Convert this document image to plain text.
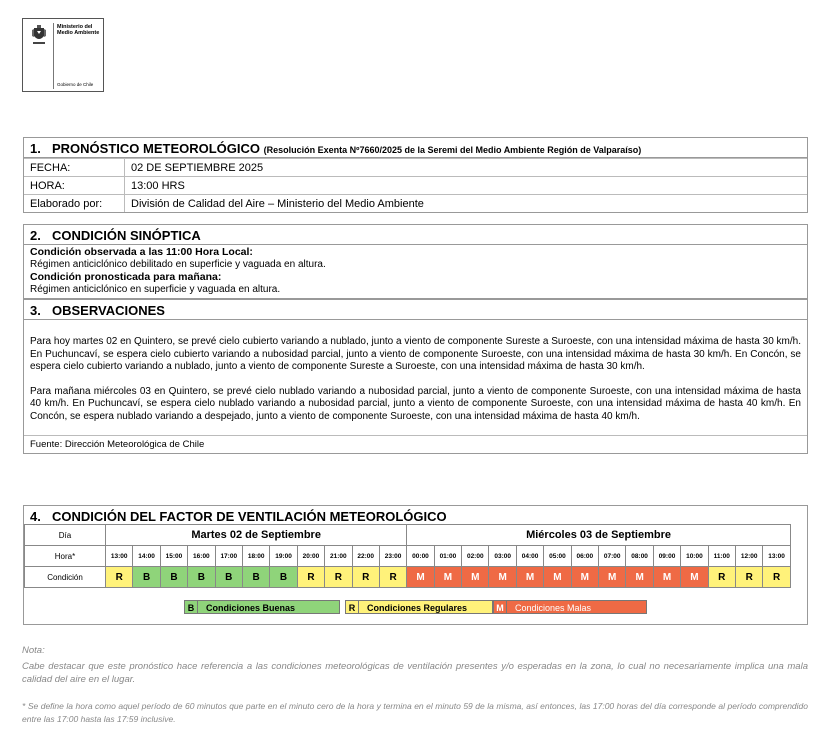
Ministerio del Medio Ambiente
Gobierno de Chile
1. PRONÓSTICO METEOROLÓGICO (Resolución Exenta Nº7660/2025 de la Seremi del Medio Ambiente Región de Valparaíso)
FECHA:	02 DE SEPTIEMBRE 2025
HORA:	13:00 HRS
Elaborado por:	División de Calidad del Aire – Ministerio del Medio Ambiente
2. CONDICIÓN SINÓPTICA
Condición observada a las 11:00 Hora Local:
Régimen anticiclónico debilitado en superficie y vaguada en altura.
Condición pronosticada para mañana:
Régimen anticiclónico en superficie y vaguada en altura.
3. OBSERVACIONES

Para hoy martes 02 en Quintero, se prevé cielo cubierto variando a nublado, junto a viento de componente Sureste a Suroeste, con una intensidad máxima de hasta 30 km/h. En Puchuncaví, se espera cielo cubierto variando a nubosidad parcial, junto a viento de componente Suroeste, con una intensidad máxima de hasta 30 km/h. En Concón, se espera cielo cubierto variando a nublado, junto a viento de componente Sureste a Suroeste, con una intensidad máxima de hasta 30 km/h.

Para mañana miércoles 03 en Quintero, se prevé cielo nublado variando a nubosidad parcial, junto a viento de componente Suroeste, con una intensidad máxima de hasta 40 km/h. En Puchuncaví, se espera cielo nublado variando a nubosidad parcial, junto a viento de componente Suroeste, con una intensidad máxima de hasta 40 km/h. En Concón, se espera nublado variando a despejado, junto a viento de componente Suroeste, con una intensidad máxima de hasta 40 km/h.

Fuente: Dirección Meteorológica de Chile
4. CONDICIÓN DEL FACTOR DE VENTILACIÓN METEOROLÓGICO
Día	Martes 02 de Septiembre											Miércoles 03 de Septiembre													
Hora*	13:00	14:00	15:00	16:00	17:00	18:00	19:00	20:00	21:00	22:00	23:00	00:00	01:00	02:00	03:00	04:00	05:00	06:00	07:00	08:00	09:00	10:00	11:00	12:00	13:00
Condición	R	B	B	B	B	B	B	R	R	R	R	M	M	M	M	M	M	M	M	M	M	M	R	R	R
B	Condiciones Buenas	R	Condiciones Regulares	M	Condiciones Malas
Nota:
Cabe destacar que este pronóstico hace referencia a las condiciones meteorológicas de ventilación presentes y/o esperadas en la zona, lo cual no necesariamente implica una mala calidad del aire en el lugar.
* Se define la hora como aquel período de 60 minutos que parte en el minuto cero de la hora y termina en el minuto 59 de la misma, así entonces, las 17:00 horas del día corresponde al período comprendido entre las 17:00 hasta las 17:59 inclusive.
